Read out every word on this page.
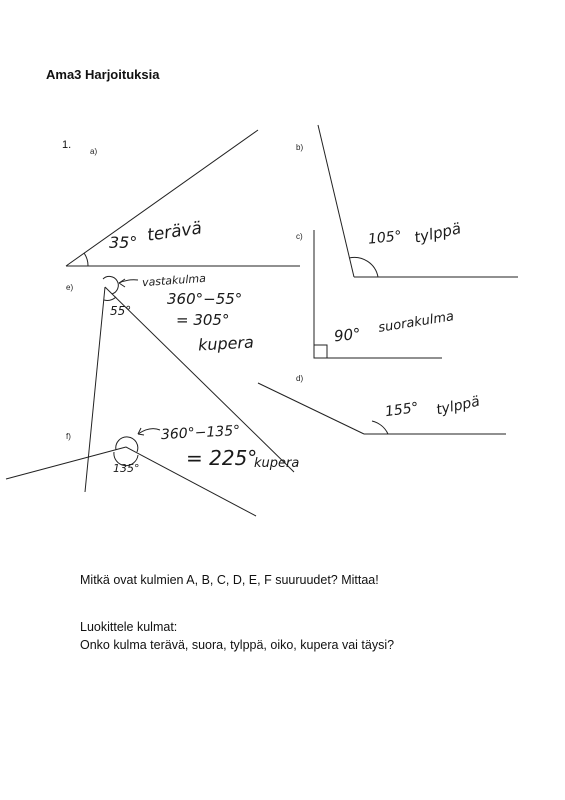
Ama3 Harjoituksia
1.
a)	b)
c)
d)
e)
f)
35° terävä	105° tylppä
90° suorakulma
155° tylppä
vastakulma
55°
360°−55°
= 305°
kupera
360°−135°
= 225°
kupera
135°
Mitkä ovat kulmien A, B, C, D, E, F suuruudet? Mittaa!
Luokittele kulmat:
Onko kulma terävä, suora, tylppä, oiko, kupera vai täysi?
